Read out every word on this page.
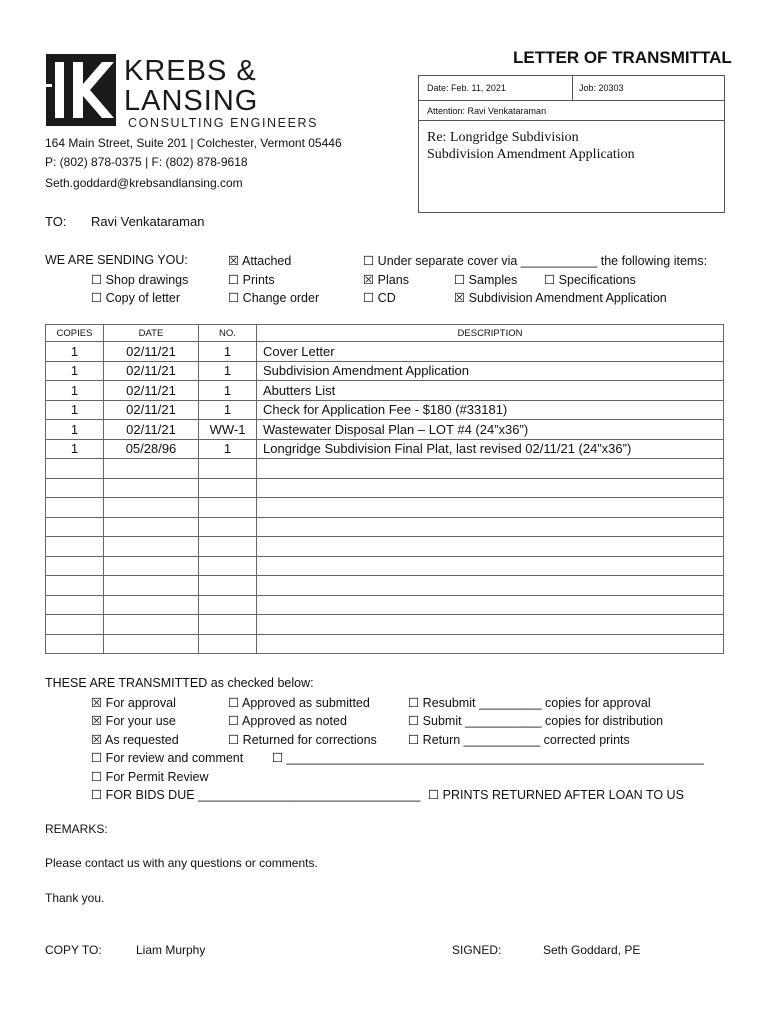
KREBS &
LANSING
CONSULTING ENGINEERS
164 Main Street, Suite 201 | Colchester, Vermont 05446
P: (802) 878-0375 | F: (802) 878-9618
Seth.goddard@krebsandlansing.com
LETTER OF TRANSMITTAL
Date: Feb. 11, 2021	Job: 20303
Attention: Ravi Venkataraman
Re: Longridge Subdivision
Subdivision Amendment Application
TO: Ravi Venkataraman
WE ARE SENDING YOU:	☒ Attached	☐ Under separate cover via ___________ the following items:
☐ Shop drawings	☐ Prints	☒ Plans	☐ Samples ☐ Specifications
☐ Copy of letter	☐ Change order	☐ CD	☒ Subdivision Amendment Application
COPIES	DATE	NO.	DESCRIPTION
1	02/11/21	1	Cover Letter
1	02/11/21	1	Subdivision Amendment Application
1	02/11/21	1	Abutters List
1	02/11/21	1	Check for Application Fee - $180 (#33181)
1	02/11/21	WW-1	Wastewater Disposal Plan – LOT #4 (24”x36”)
1	05/28/96	1	Longridge Subdivision Final Plat, last revised 02/11/21 (24”x36”)

THESE ARE TRANSMITTED as checked below:
☒ For approval	☐ Approved as submitted	☐ Resubmit _________ copies for approval
☒ For your use	☐ Approved as noted	☐ Submit ___________ copies for distribution
☒ As requested	☐ Returned for corrections ☐ Return ___________ corrected prints
☐ For review and comment ☐ ____________________________________________________________
☐ For Permit Review
☐ FOR BIDS DUE ________________________________ ☐ PRINTS RETURNED AFTER LOAN TO US
REMARKS:
Please contact us with any questions or comments.
Thank you.
COPY TO:	Liam Murphy	SIGNED:	Seth Goddard, PE
